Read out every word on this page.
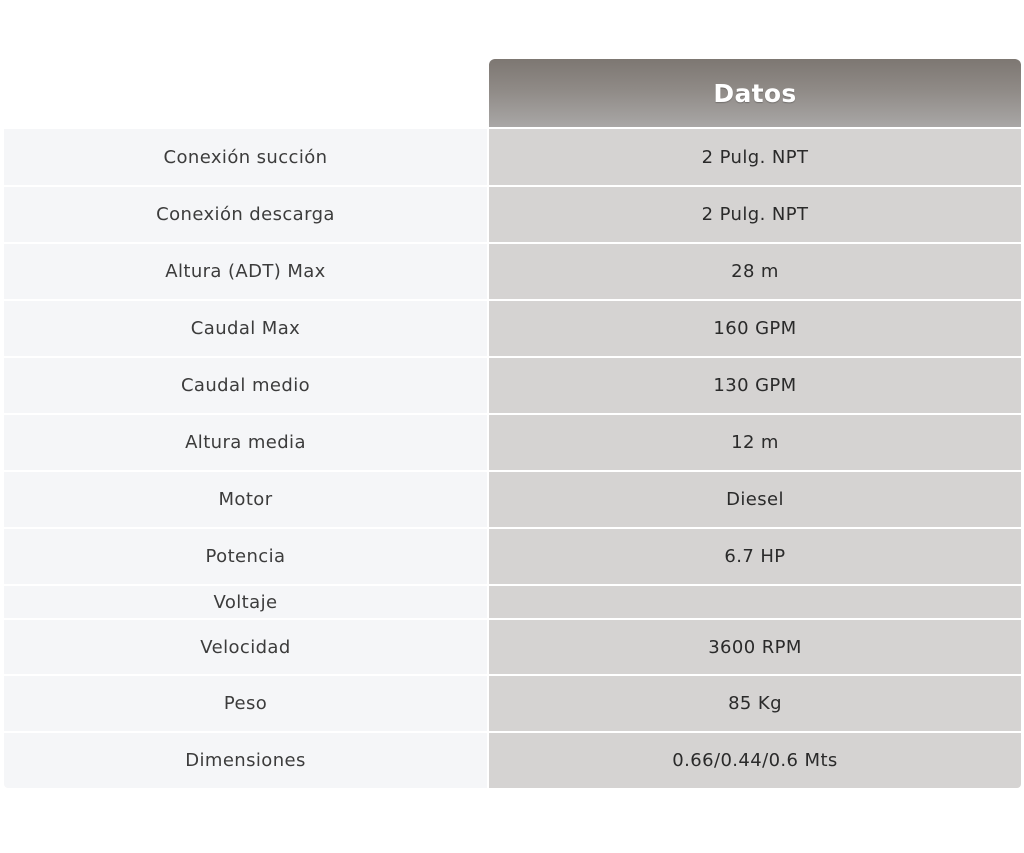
Datos
Conexión succión	2 Pulg. NPT
Conexión descarga	2 Pulg. NPT
Altura (ADT) Max	28 m
Caudal Max	160 GPM
Caudal medio	130 GPM
Altura media	12 m
Motor	Diesel
Potencia	6.7 HP
Voltaje
Velocidad	3600 RPM
Peso	85 Kg
Dimensiones	0.66/0.44/0.6 Mts
